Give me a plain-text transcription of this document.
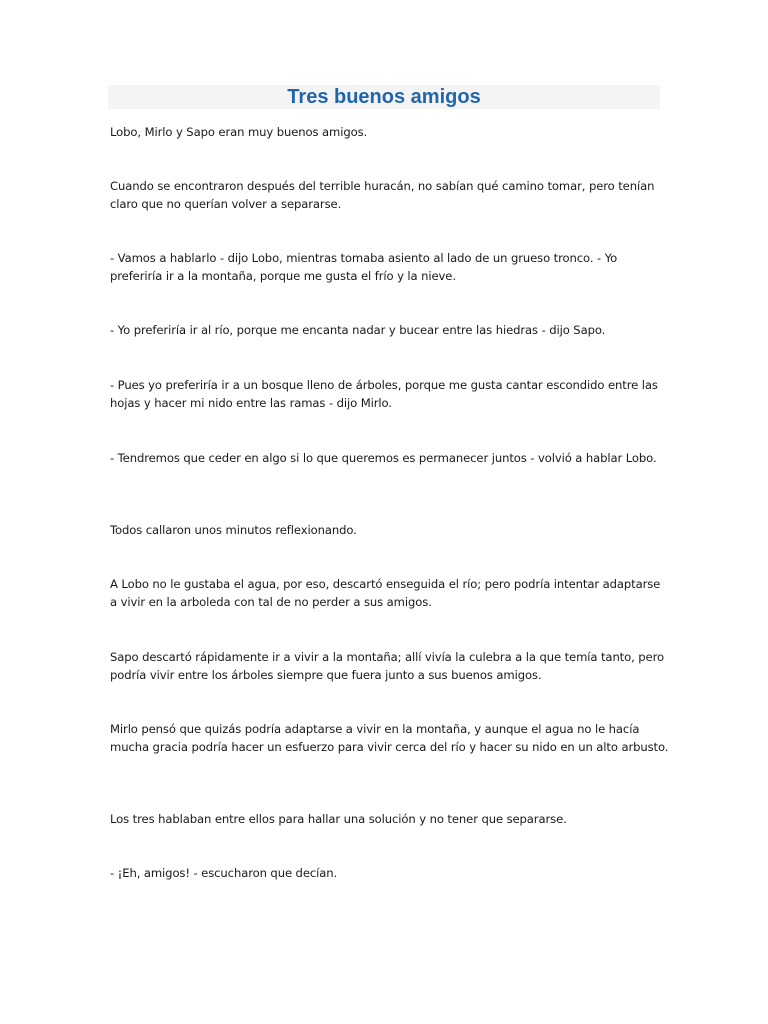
Tres buenos amigos

Lobo, Mirlo y Sapo eran muy buenos amigos.

Cuando se encontraron después del terrible huracán, no sabían qué camino tomar, pero tenían claro que no querían volver a separarse.

- Vamos a hablarlo - dijo Lobo, mientras tomaba asiento al lado de un grueso tronco. - Yo preferiría ir a la montaña, porque me gusta el frío y la nieve.

- Yo preferiría ir al río, porque me encanta nadar y bucear entre las hiedras - dijo Sapo.

- Pues yo preferiría ir a un bosque lleno de árboles, porque me gusta cantar escondido entre las hojas y hacer mi nido entre las ramas - dijo Mirlo.

- Tendremos que ceder en algo si lo que queremos es permanecer juntos - volvió a hablar Lobo.

Todos callaron unos minutos reflexionando.

A Lobo no le gustaba el agua, por eso, descartó enseguida el río; pero podría intentar adaptarse a vivir en la arboleda con tal de no perder a sus amigos.

Sapo descartó rápidamente ir a vivir a la montaña; allí vivía la culebra a la que temía tanto, pero podría vivir entre los árboles siempre que fuera junto a sus buenos amigos.

Mirlo pensó que quizás podría adaptarse a vivir en la montaña, y aunque el agua no le hacía mucha gracia podría hacer un esfuerzo para vivir cerca del río y hacer su nido en un alto arbusto.

Los tres hablaban entre ellos para hallar una solución y no tener que separarse.

- ¡Eh, amigos! - escucharon que decían.
